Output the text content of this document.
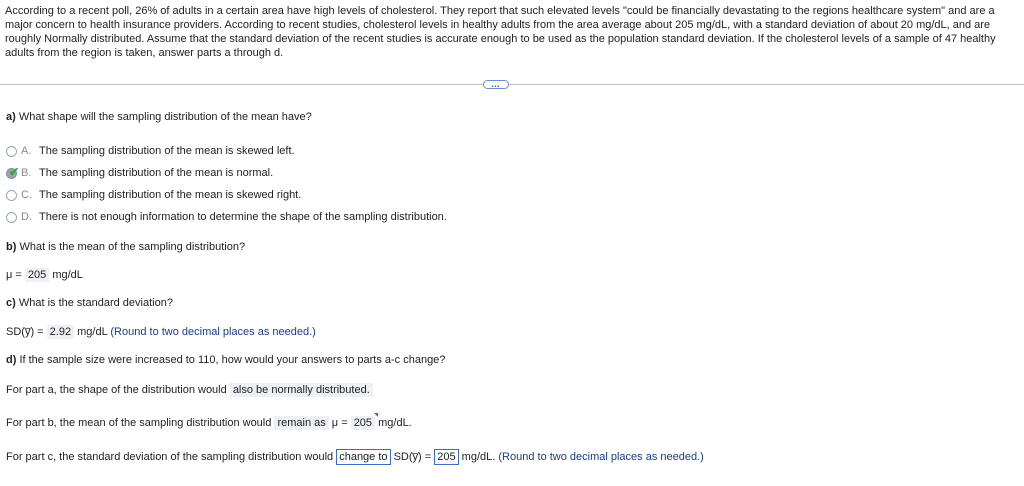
According to a recent poll, 26% of adults in a certain area have high levels of cholesterol. They report that such elevated levels "could be financially devastating to the regions healthcare system" and are a major concern to health insurance providers. According to recent studies, cholesterol levels in healthy adults from the area average about 205 mg/dL, with a standard deviation of about 20 mg/dL, and are roughly Normally distributed. Assume that the standard deviation of the recent studies is accurate enough to be used as the population standard deviation. If the cholesterol levels of a sample of 47 healthy adults from the region is taken, answer parts a through d.
…
a) What shape will the sampling distribution of the mean have?
A. The sampling distribution of the mean is skewed left.
✔ B. The sampling distribution of the mean is normal.
C. The sampling distribution of the mean is skewed right.
D. There is not enough information to determine the shape of the sampling distribution.
b) What is the mean of the sampling distribution?
μ = 205 mg/dL
c) What is the standard deviation?
SD(y̅) = 2.92 mg/dL (Round to two decimal places as needed.)
d) If the sample size were increased to 110, how would your answers to parts a-c change?
For part a, the shape of the distribution would also be normally distributed.
For part b, the mean of the sampling distribution would remain as μ = 205 mg/dL.
For part c, the standard deviation of the sampling distribution would change to SD(y̅) = 205 mg/dL. (Round to two decimal places as needed.)
